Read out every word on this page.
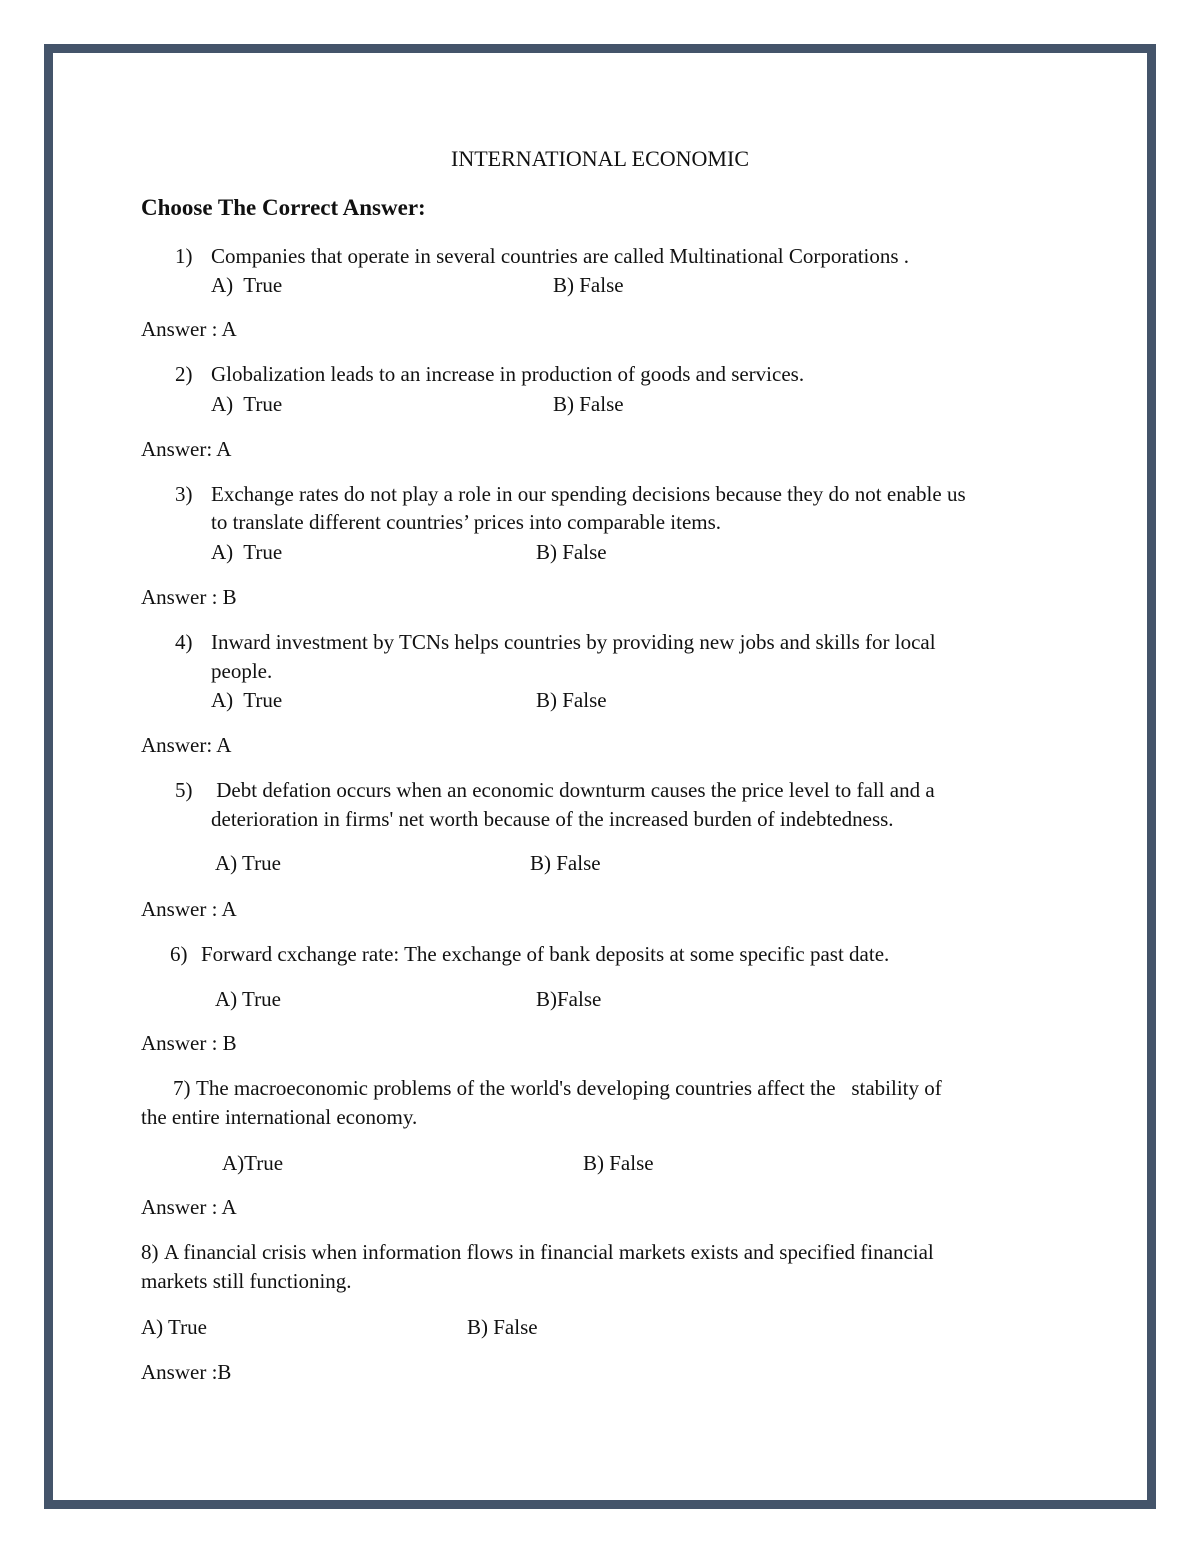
INTERNATIONAL ECONOMIC
Choose The Correct Answer:
1) Companies that operate in several countries are called Multinational Corporations .
A)  True	B) False
Answer : A
2) Globalization leads to an increase in production of goods and services.
A)  True	B) False
Answer: A
3) Exchange rates do not play a role in our spending decisions because they do not enable us
to translate different countries’ prices into comparable items.
A)  True	B) False
Answer : B
4) Inward investment by TCNs helps countries by providing new jobs and skills for local
people.
A)  True	B) False
Answer: A
5) Debt defation occurs when an economic downturm causes the price level to fall and a
deterioration in firms' net worth because of the increased burden of indebtedness.
A) True	B) False
Answer : A
6) Forward cxchange rate: The exchange of bank deposits at some specific past date.
A) True	B)False
Answer : B
7) The macroeconomic problems of the world's developing countries affect the   stability of
the entire international economy.
A)True	B) False
Answer : A
8) A financial crisis when information flows in financial markets exists and specified financial
markets still functioning.
A) True	B) False
Answer :B
